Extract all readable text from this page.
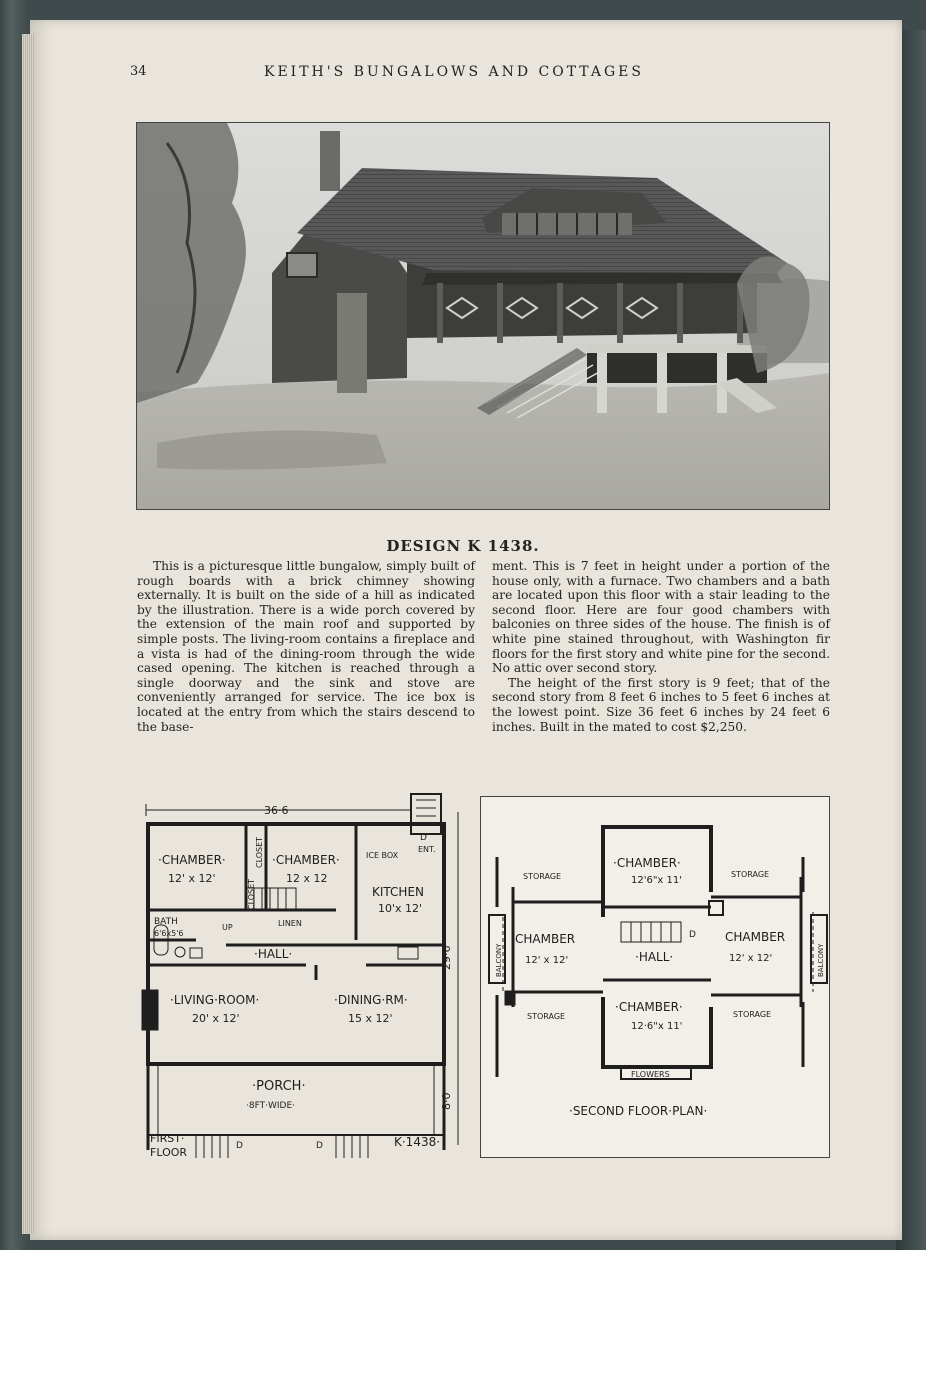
34	KEITH'S BUNGALOWS AND COTTAGES
DESIGN K 1438.

This is a picturesque little bungalow, simply built of rough boards with a brick chimney showing externally. It is built on the side of a hill as indicated by the illustration. There is a wide porch covered by the extension of the main roof and supported by simple posts. The living-room contains a fireplace and a vista is had of the dining-room through the wide cased opening. The kitchen is reached through a single doorway and the sink and stove are conveniently arranged for service. The ice box is located at the entry from which the stairs descend to the base-

ment. This is 7 feet in height under a portion of the house only, with a furnace. Two chambers and a bath are located upon this floor with a stair leading to the second floor. Here are four good chambers with balconies on three sides of the house. The finish is of white pine stained throughout, with Washington fir floors for the first story and white pine for the second. No attic over second story.

The height of the first story is 9 feet; that of the second story from 8 feet 6 inches to 5 feet 6 inches at the lowest point. Size 36 feet 6 inches by 24 feet 6 inches. Built in the mated to cost $2,250.

36·6
29·6
8·0
·CHAMBER·
12' x 12'
·CHAMBER·
12 x 12
CLOSET
CLOSET
ICE BOX
D
ENT.
KITCHEN
10'x 12'
BATH
6'6x5'6
UP	LINEN
·HALL·
·LIVING·ROOM·
20' x 12'
·DINING·RM·
15 x 12'
·PORCH·
·8FT·WIDE·
D	D
FIRST·
FLOOR
K·1438·
·CHAMBER·
12'6"x 11'
CHAMBER
12' x 12'
CHAMBER
12' x 12'
·CHAMBER·
12·6"x 11'
·HALL·
D
STORAGE	STORAGE
STORAGE	STORAGE
BALCONY	BALCONY
FLOWERS
·SECOND FLOOR·PLAN·
